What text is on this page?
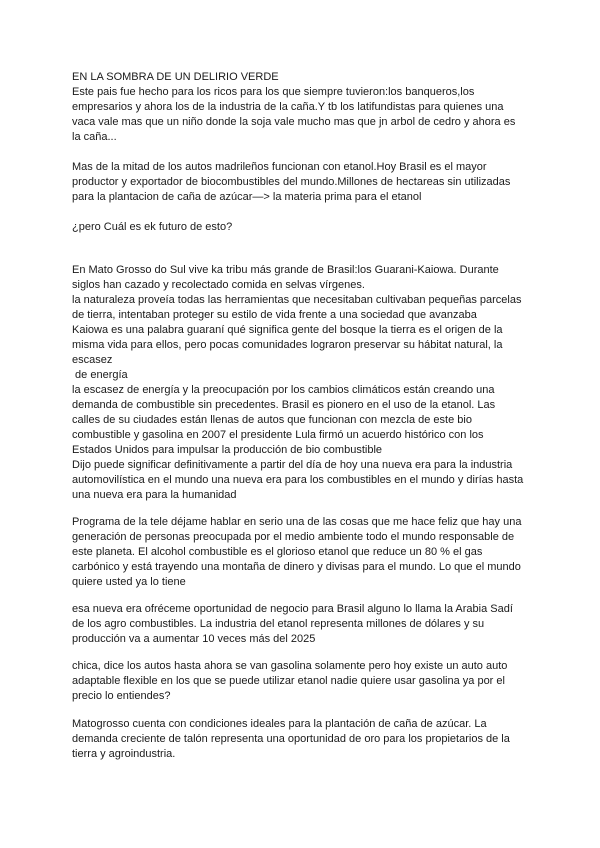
EN LA SOMBRA DE UN DELIRIO VERDE
Este pais fue hecho para los ricos para los que siempre tuvieron:los banqueros,los
empresarios y ahora los de la industria de la caña.Y tb los latifundistas para quienes una
vaca vale mas que un niño donde la soja vale mucho mas que jn arbol de cedro y ahora es
la caña...
Mas de la mitad de los autos madrileños funcionan con etanol.Hoy Brasil es el mayor
productor y exportador de biocombustibles del mundo.Millones de hectareas sin utilizadas
para la plantacion de caña de azúcar—> la materia prima para el etanol
¿pero Cuál es ek futuro de esto?
En Mato Grosso do Sul vive ka tribu más grande de Brasil:los Guarani-Kaiowa. Durante
siglos han cazado y recolectado comida en selvas vírgenes.
la naturaleza proveía todas las herramientas que necesitaban cultivaban pequeñas parcelas
de tierra, intentaban proteger su estilo de vida frente a una sociedad que avanzaba
Kaiowa es una palabra guaraní qué significa gente del bosque la tierra es el origen de la
misma vida para ellos, pero pocas comunidades lograron preservar su hábitat natural, la
escasez
de energía
la escasez de energía y la preocupación por los cambios climáticos están creando una
demanda de combustible sin precedentes. Brasil es pionero en el uso de la etanol. Las
calles de su ciudades están llenas de autos que funcionan con mezcla de este bio
combustible y gasolina en 2007 el presidente Lula firmó un acuerdo histórico con los
Estados Unidos para impulsar la producción de bio combustible
Dijo puede significar definitivamente a partir del día de hoy una nueva era para la industria
automovilística en el mundo una nueva era para los combustibles en el mundo y dirías hasta
una nueva era para la humanidad
Programa de la tele déjame hablar en serio una de las cosas que me hace feliz que hay una
generación de personas preocupada por el medio ambiente todo el mundo responsable de
este planeta. El alcohol combustible es el glorioso etanol que reduce un 80 % el gas
carbónico y está trayendo una montaña de dinero y divisas para el mundo. Lo que el mundo
quiere usted ya lo tiene
esa nueva era ofréceme oportunidad de negocio para Brasil alguno lo llama la Arabia Sadí
de los agro combustibles. La industria del etanol representa millones de dólares y su
producción va a aumentar 10 veces más del 2025
chica, dice los autos hasta ahora se van gasolina solamente pero hoy existe un auto auto
adaptable flexible en los que se puede utilizar etanol nadie quiere usar gasolina ya por el
precio lo entiendes?
Matogrosso cuenta con condiciones ideales para la plantación de caña de azúcar. La
demanda creciente de talón representa una oportunidad de oro para los propietarios de la
tierra y agroindustria.
